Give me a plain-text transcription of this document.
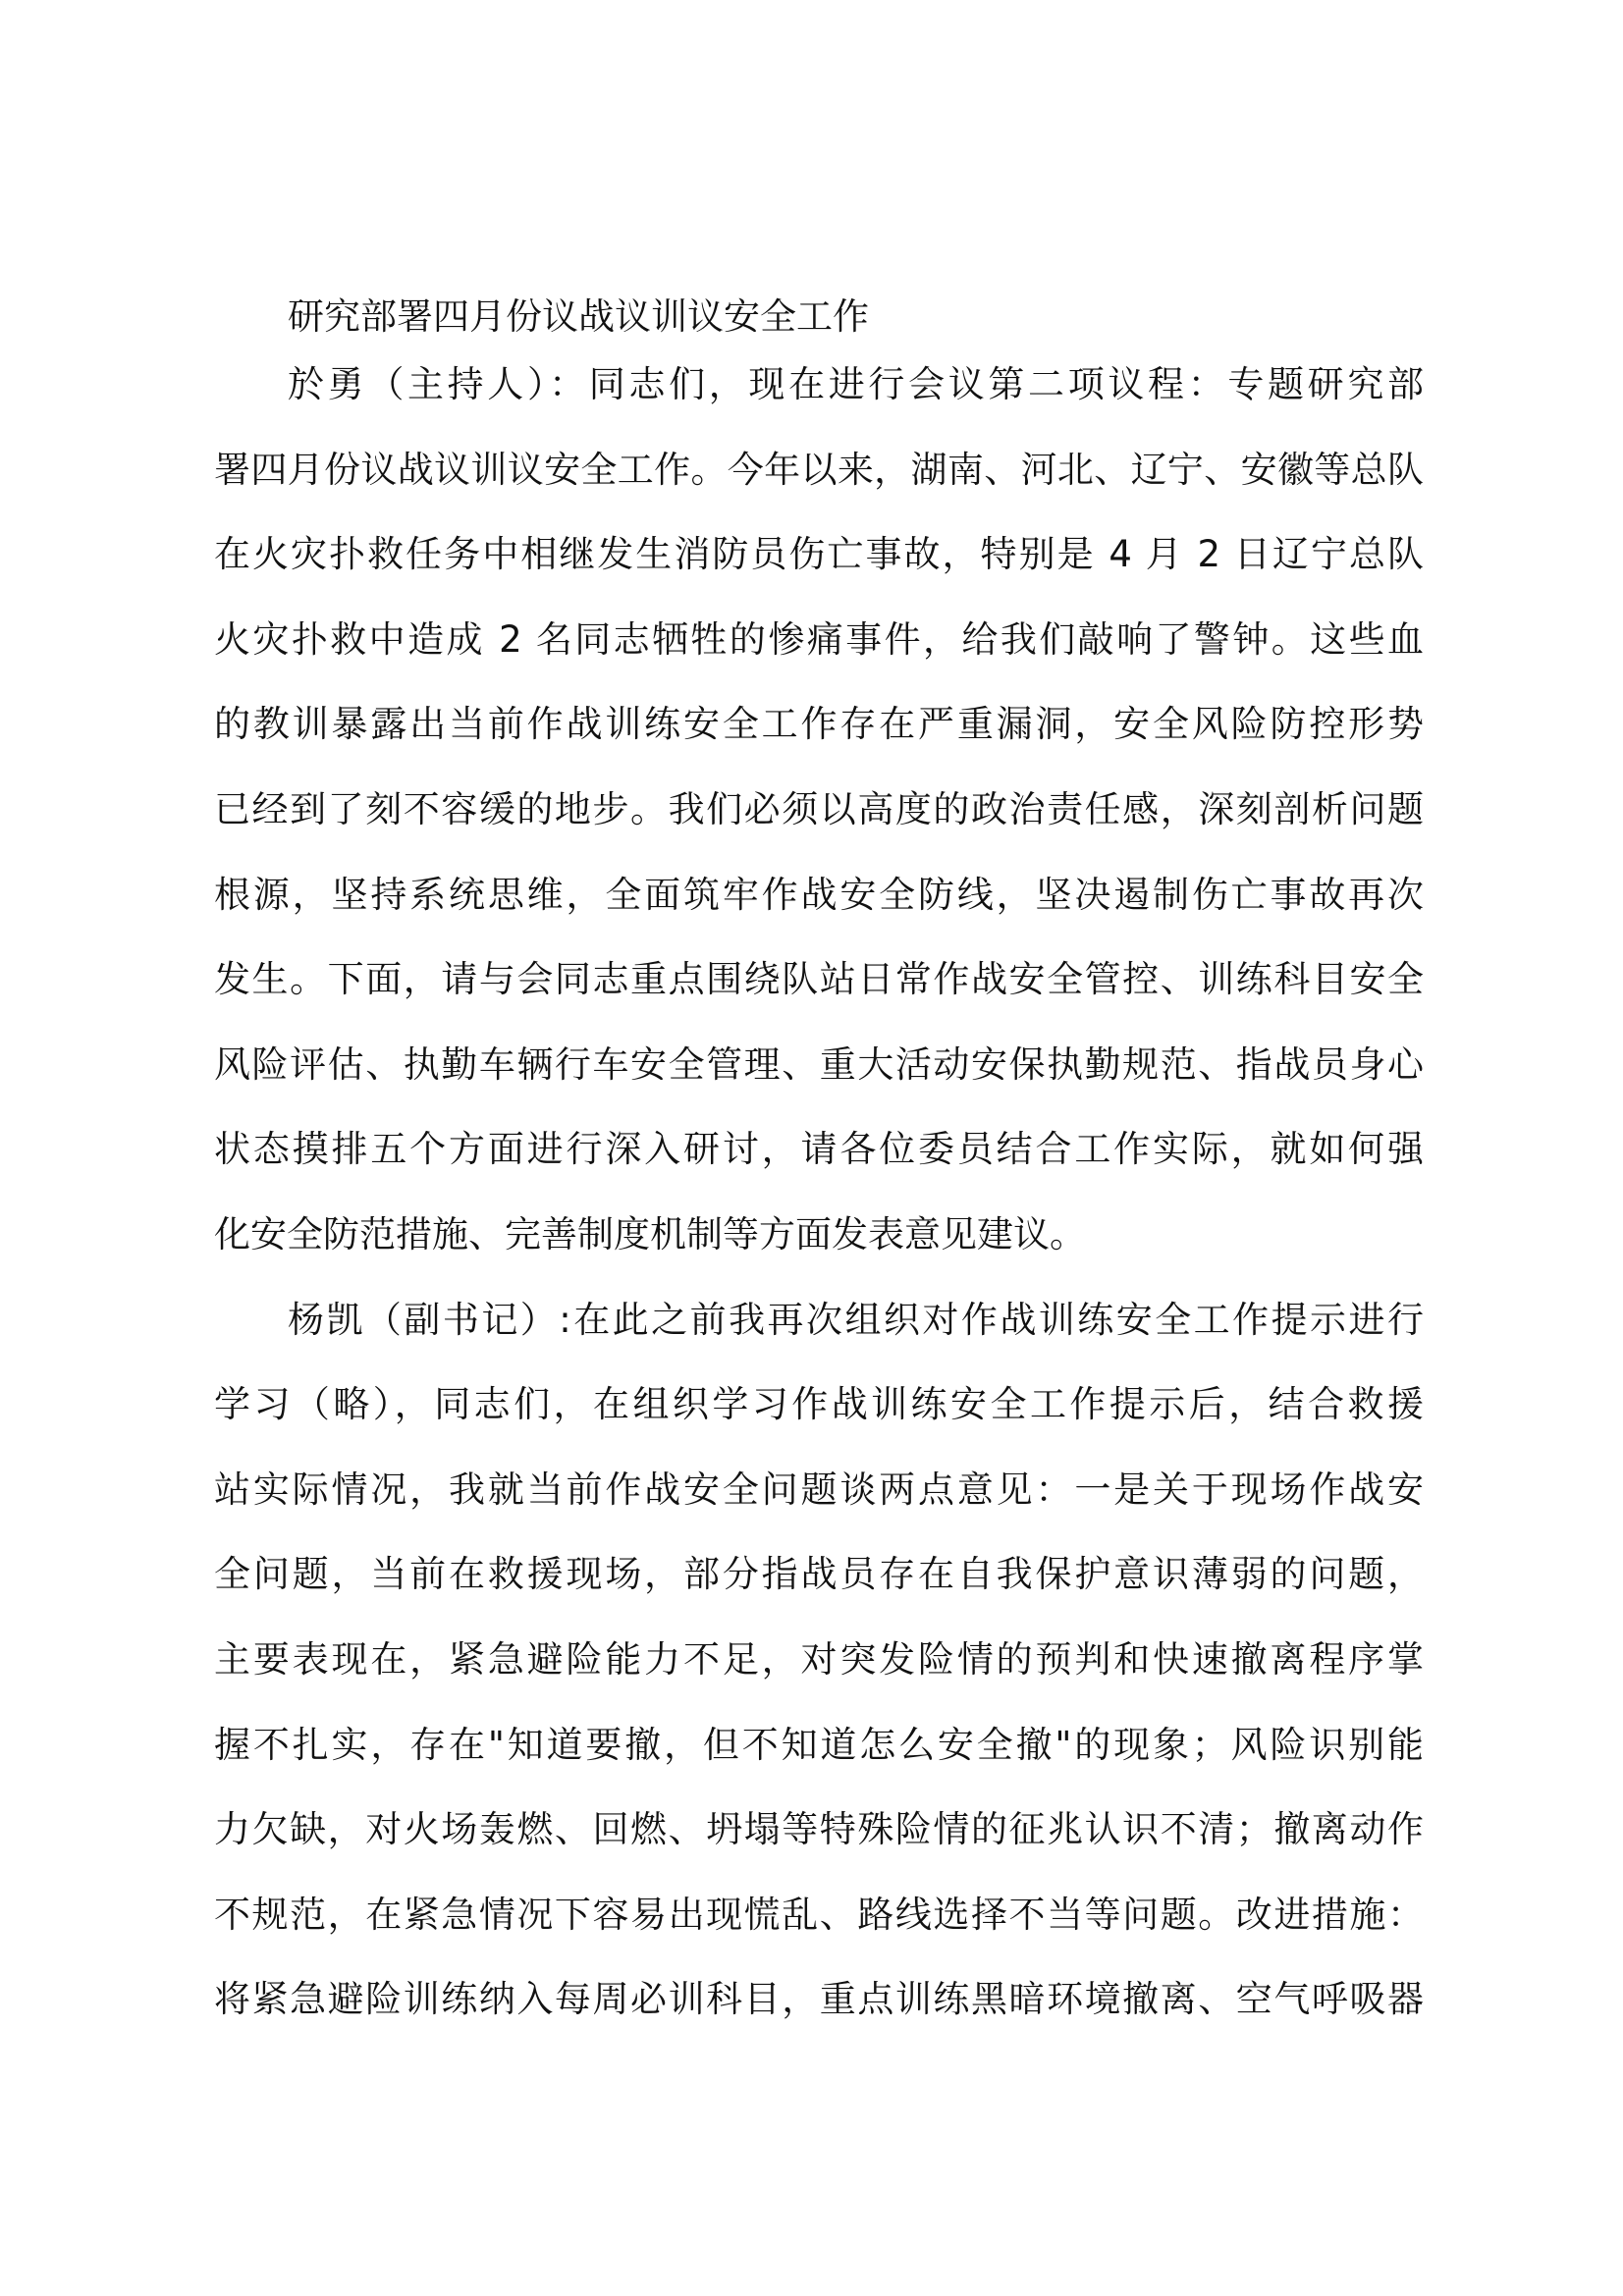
研究部署四月份议战议训议安全工作
於勇（主持人）：同志们，现在进行会议第二项议程：专题研究部
署四月份议战议训议安全工作。今年以来，湖南、河北、辽宁、安徽等总队
在火灾扑救任务中相继发生消防员伤亡事故，特别是 4 月 2 日辽宁总队
火灾扑救中造成 2 名同志牺牲的惨痛事件，给我们敲响了警钟。这些血
的教训暴露出当前作战训练安全工作存在严重漏洞，安全风险防控形势
已经到了刻不容缓的地步。我们必须以高度的政治责任感，深刻剖析问题
根源，坚持系统思维，全面筑牢作战安全防线，坚决遏制伤亡事故再次
发生。下面，请与会同志重点围绕队站日常作战安全管控、训练科目安全
风险评估、执勤车辆行车安全管理、重大活动安保执勤规范、指战员身心
状态摸排五个方面进行深入研讨，请各位委员结合工作实际，就如何强
化安全防范措施、完善制度机制等方面发表意见建议。
杨凯（副书记）:在此之前我再次组织对作战训练安全工作提示进行
学习（略），同志们，在组织学习作战训练安全工作提示后，结合救援
站实际情况，我就当前作战安全问题谈两点意见：一是关于现场作战安
全问题，当前在救援现场，部分指战员存在自我保护意识薄弱的问题，
主要表现在，紧急避险能力不足，对突发险情的预判和快速撤离程序掌
握不扎实，存在"知道要撤，但不知道怎么安全撤"的现象；风险识别能
力欠缺，对火场轰燃、回燃、坍塌等特殊险情的征兆认识不清；撤离动作
不规范，在紧急情况下容易出现慌乱、路线选择不当等问题。改进措施：
将紧急避险训练纳入每周必训科目，重点训练黑暗环境撤离、空气呼吸器
